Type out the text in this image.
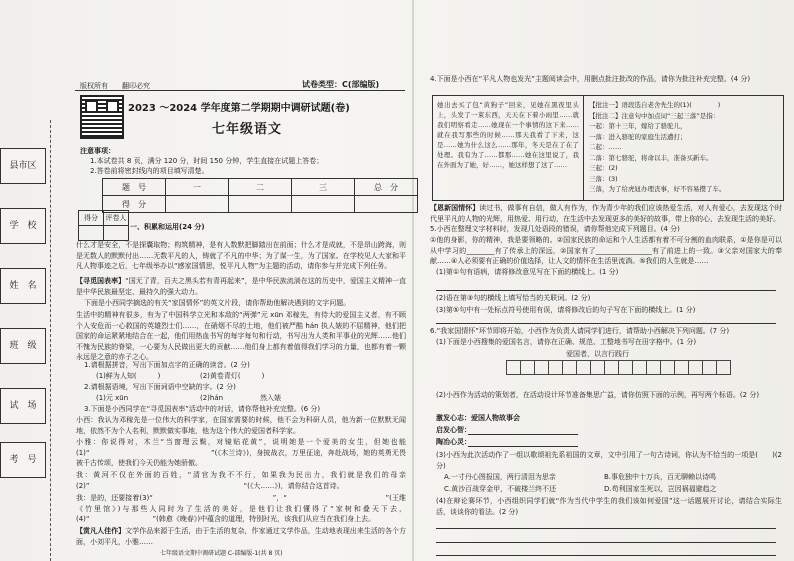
县市区
学　校
姓　名
班　级
试　场
考　号
版权所有　　翻印必究	试卷类型：C(部编版)
2023 ～2024 学年度第二学期期中调研试题(卷)
七年级语文
注意事项：
1.本试卷共 8 页，满分 120 分，时间 150 分钟，学生直接在试题上答卷；
2.答卷前将密封线内的项目填写清楚。
题　号	一	二	三	总　分
得　分				
得分	评卷人

一、积累和运用(24 分)
什么才是安全，不是探囊取物；构筑精神，是有人数默把脚踏出在前面；什么才是成就，不是昂山跨海，则是无数人的默默付出……无数平凡的人，铸就了不凡的中华；为了谋一生，为了国家。在学校见人大家和平凡人物事迹之后，七年级举办以“感家国情思，悦平凡人物”为主题的活动，请你参与并完成下列任务。
【寻觅国表率】“国无了青，百夫之黑头若有青再起来”，是中华民族流淌在这的历史中，爱国主义精神一直是中华民族最坚定、最持久的强大动力。
下面是小西同学摘选的有关“家国情怀”的英文片段，请你帮助他解决遇到的文字问题。
生活中的精神有很多，有为了中国科学立光和本敌的“两弹”元 xūn 邓稼先，有侍大的爱国主义者，有不顾个人安危而一心救国的英雄烈士们……，在硝烟不尽的土地，他们被严酷 hán 执人婊的不屈精神，他们把国家的命运紧紧地结合在一起，他们用热血书写的每字每句和行动，书写出为人类和平事业的光辉……他们不愧为民族的脊梁，一心要为人民做出更大的贡献……他们身上都有着值得我们学习的力量，也都有着一颗永远是之意的赤子之心。
1.请根据拼音，写出下面加点字的正确的读音。(2 分)
(1)鲜为人知(　　　)	(2)黄卷青灯(　　　)
2.请根据语境，写出下面词语中空缺的字。(2 分)
(1)元 xūn	(2)hán	然入婊
3.下面是小西同学在“寻觅国表率”活动中的对话，请你帮他补充完整。(6 分)
小西：我认为邓稼先是一位伟大的科学家，在国家需要的时候，他不会为科研人员，他为新一位默默无闻地，依然不为个人名利，默默做实事地，他为这个伟大的爱国者科学家。
小雅：你说得对，木兰“当窗理云鬓，对镜贴花黄”，说明她是一个爱美的女生，但她也能(1)“　　　　　　　　　　　　　　　　　”(《木兰诗》)，身披战衣，万里征途，奔赴战场，她的英勇无畏被千古传颂，使我们今天仍能为她骄傲。
我：黄河不仅在外面的百姓，“清官为我不不行，如果我为民出力，我们就是我们的母亲(2)”　　　　　　　　　　　　　　　　　　　　　　“(《大……》)，请你结合这首诗。
我：是的，还要接着(3)“　　　　　　　　　　　　　　　　　”，“　　　　　　　　　　　　　　”(王维《竹里馆》)与那些人同时为了生活的美好，是他们让我们懂得了“家树和叠天下去，(4)“　　　　　　　　　”(韩愈《晚春》)中蕴含的道理，特别时光，该我们从应当在我们身上去。
【赏凡人佳作】文学作品来源于生活，由于生活的复杂，作家通过文学作品，生动地表现出来生活的各个方面，小刘平凡，小雅……
七年级语文期中调研试题 C-部编版-1(共 8 页)
4.下面是小西在“平凡人物也发光”主题阅读会中，用删点批注批改的作品，请你为批注补充完整。(4 分)
她出去买了包“黄狗子”回来，见她在黑夜里头上，头发了一束东西，天天在下着小雨里……就我们明察看走……她现在一个事情的这下来……就在我写那些的时候……那天我看了下来，这是……她为什么这么……那年，冬天是在了在了处理。我有为了……都那……她在这里说了，我在外面为了她，好……，她这样想了这了……
【批注一】语段选自老舍先生的(1)(　　　　)
【批注二】注意句中加点词“三起三落”是指：
一起：第十三年，嫁给了骆驼儿，
一落：进入骆驼的家庭生活遭打；
二起：……
二落：第七骆驼，将命以丰，准备买新车。
三起：(2)
三落：(3)
三落，为了给虎妞办理丧事，好不容易攒了车。
【恩新国情怀】读过书，做事有自信，做人有作为，作为青少年的我们应该热爱生活，对人有爱心，去发现这个时代里平凡的人物的光辉，用热爱、用行动，在生活中去发现更多的美好的故事，带上你的心，去发现生活的美好。
5.小西在整理文字材料时，发现几处语段的错误，请你帮他完成下列题目。(4 分)
①他的身影，你的精神，我是要领略的。②国家民族的命运和个人生活都有着不可分割的血肉联系，①是你是可以从中学习的________有了传承上的深远，②国家有了________________有了前进上的一致。③父亲对国家大的奉献……④人必须要有正确的价值选择，让人文的情怀在生活里流淌。⑤我们的人生就是……
(1)第①句有语病，请将修改意见写在下面的横线上。(1 分)
(2)语在第③句的横线上填写恰当的关联词。(2 分)
(3)第⑤句中有一处标点符号使用有误，请将修改后的句子写在下面的横线上。(1 分)
6.“我家国情怀”环节即将开始，小西作为负责人请同学们进行，请帮助小西解决下列问题。(7 分)
(1)下面是小西搜集的爱国名言，请你在正确、规范、工整地书写在田字格中。(1 分)
爱国者，以言行践行
(2)小西作为活动的策划者，在活动设计环节准备集思广益，请你仿照下面的示例，再写两个标语。(2 分)
激发心志：爱国人物故事会
启发心智：
陶冶心灵：
(3)小西为此次活动作了一组以歌颂祖先系祖国的文章，文中引用了一句古诗词，你认为不恰当的一项是(　　)(2 分)
A.一寸丹心图报国，两行清泪为思亲	B.事危独中十万兵，百无聊赖以诗鸣
C.黄沙百战穿金甲，不破楼兰终不还	D.苟利国家生死以，岂因祸福避趋之
(4)在辩论赛环节，小西组织同学们就“作为当代中学生的我们该如何爱国”这一话题展开讨论，请结合实际生活，谈谈你的看法。(2 分)
